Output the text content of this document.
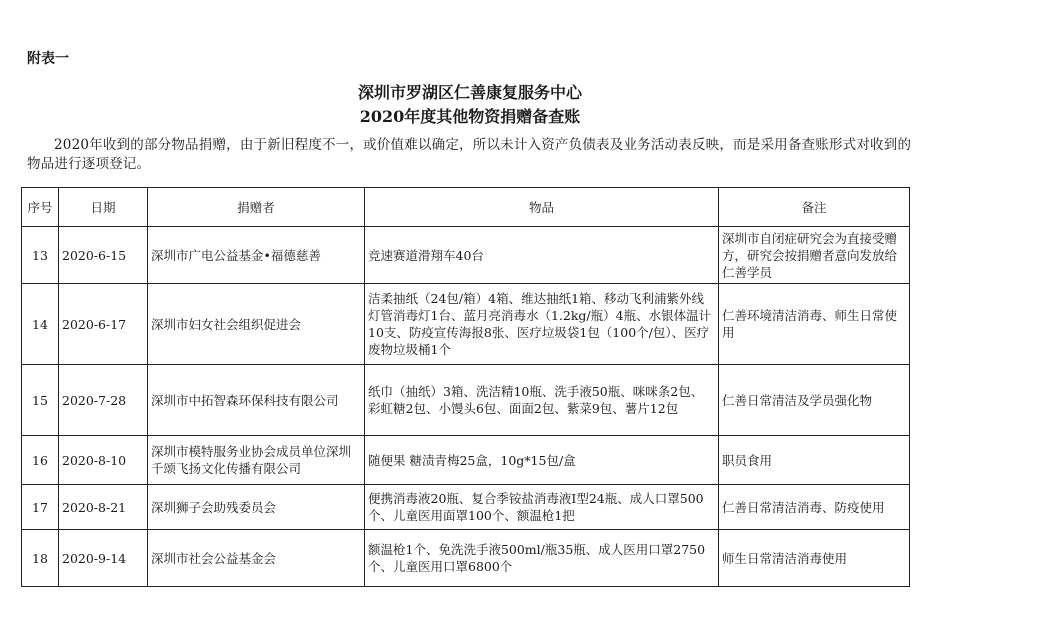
附表一
深圳市罗湖区仁善康复服务中心
2020年度其他物资捐赠备查账
2020年收到的部分物品捐赠，由于新旧程度不一，或价值难以确定，所以未计入资产负债表及业务活动表反映，而是采用备查账形式对收到的物品进行逐项登记。
序号	日期	捐赠者	物品	备注
13	2020-6-15	深圳市广电公益基金•福德慈善	竞速赛道滑翔车40台	深圳市自闭症研究会为直接受赠方，研究会按捐赠者意向发放给仁善学员
14	2020-6-17	深圳市妇女社会组织促进会	洁柔抽纸（24包/箱）4箱、维达抽纸1箱、移动飞利浦紫外线灯管消毒灯1台、蓝月亮消毒水（1.2kg/瓶）4瓶、水银体温计10支、防疫宣传海报8张、医疗垃圾袋1包（100个/包）、医疗废物垃圾桶1个	仁善环境清洁消毒、师生日常使用
15	2020-7-28	深圳市中拓智森环保科技有限公司	纸巾（抽纸）3箱、洗洁精10瓶、洗手液50瓶、咪咪条2包、彩虹糖2包、小馒头6包、面面2包、紫菜9包、薯片12包	仁善日常清洁及学员强化物
16	2020-8-10	深圳市模特服务业协会成员单位深圳千颂飞扬文化传播有限公司	随便果 糖渍青梅25盒，10g*15包/盒	职员食用
17	2020-8-21	深圳狮子会助残委员会	便携消毒液20瓶、复合季铵盐消毒液I型24瓶、成人口罩500个、儿童医用面罩100个、额温枪1把	仁善日常清洁消毒、防疫使用
18	2020-9-14	深圳市社会公益基金会	额温枪1个、免洗洗手液500ml/瓶35瓶、成人医用口罩2750个、儿童医用口罩6800个	师生日常清洁消毒使用
